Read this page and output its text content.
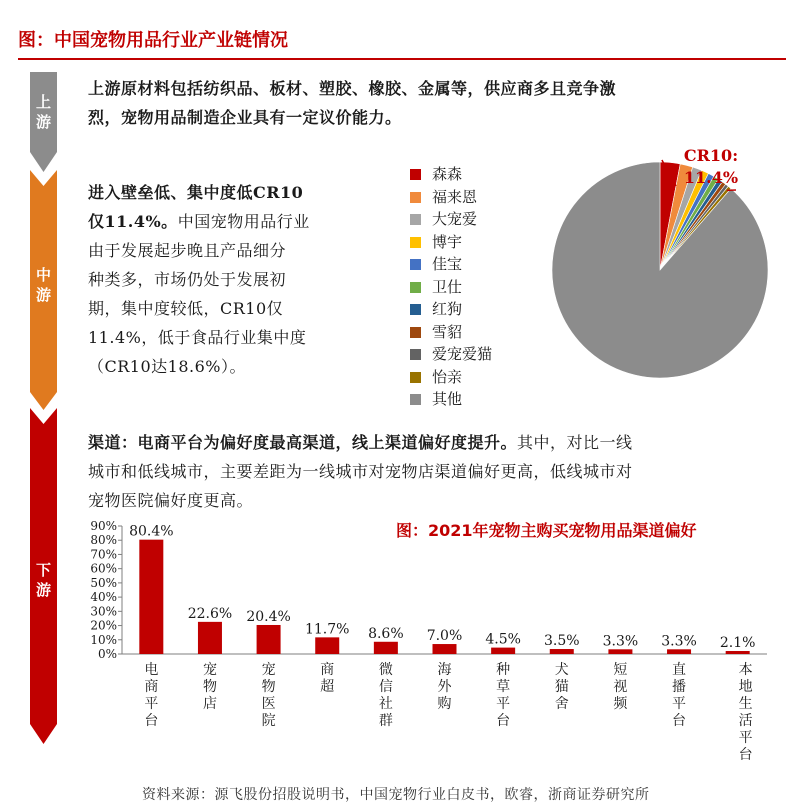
图：中国宠物用品行业产业链情况
上游
中游
下游
上游原材料包括纺织品、板材、塑胶、橡胶、金属等，供应商多且竞争激
烈，宠物用品制造企业具有一定议价能力。
进入壁垒低、集中度低CR10
仅11.4%。中国宠物用品行业
由于发展起步晚且产品细分
种类多，市场仍处于发展初
期，集中度较低，CR10仅
11.4%，低于食品行业集中度
（CR10达18.6%）。
森森
福来恩
大宠爱
博宇
佳宝
卫仕
红狗
雪貂
爱宠爱猫
怡亲
其他
CR10:
11.4%
渠道：电商平台为偏好度最高渠道，线上渠道偏好度提升。其中，对比一线
城市和低线城市，主要差距为一线城市对宠物店渠道偏好更高，低线城市对
宠物医院偏好度更高。
图：2021年宠物主购买宠物用品渠道偏好
0%
10%
20%
30%
40%
50%
60%
70%
80%
90% 80.4%
电商平台
22.6%
宠物店
20.4%
宠物医院
11.7%
商超
8.6%
微信社群
7.0%
海外购
4.5%
种草平台
3.5%
犬猫舍
3.3%
短视频
3.3%
直播平台
2.1%
本地生活平台
资料来源：源飞股份招股说明书，中国宠物行业白皮书，欧睿，浙商证券研究所
